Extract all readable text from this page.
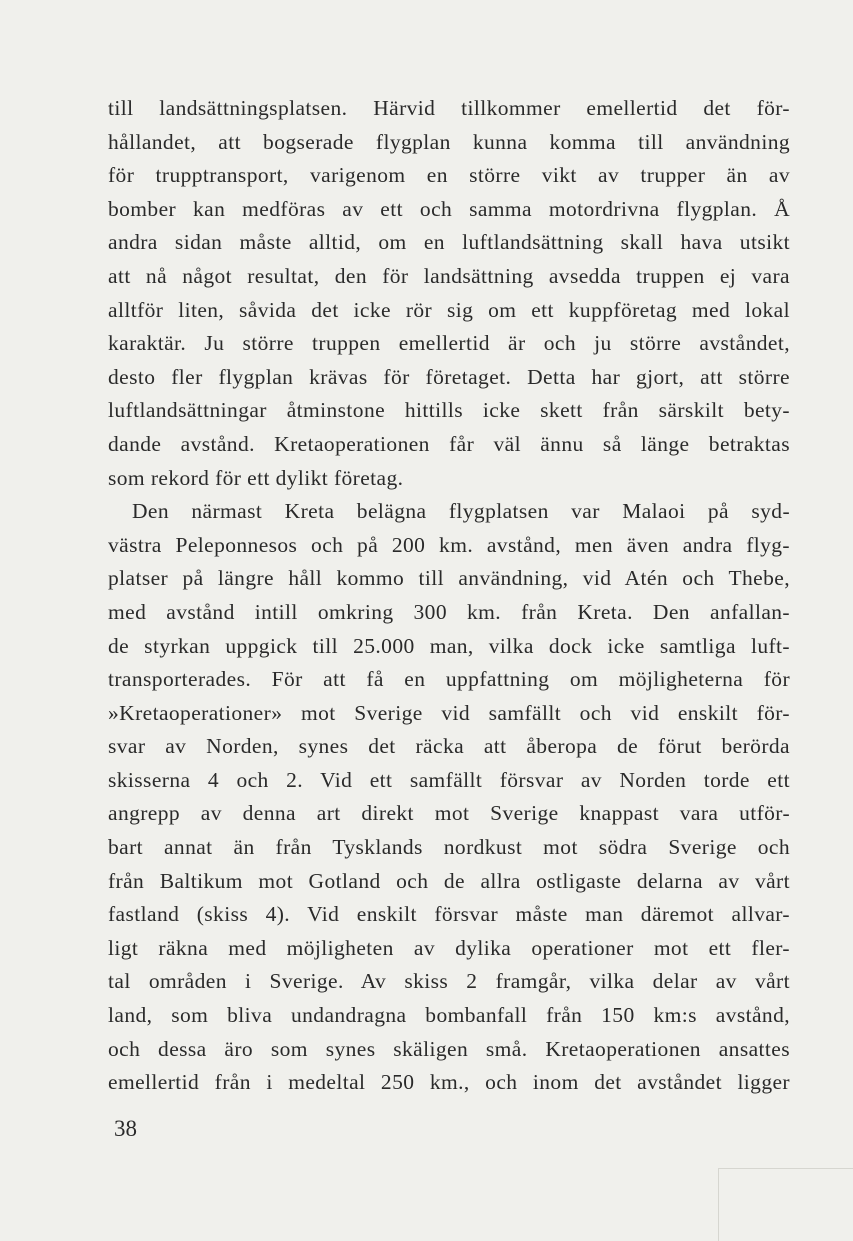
till landsättningsplatsen. Härvid tillkommer emellertid det för-
hållandet, att bogserade flygplan kunna komma till användning
för trupptransport, varigenom en större vikt av trupper än av
bomber kan medföras av ett och samma motordrivna flygplan. Å
andra sidan måste alltid, om en luftlandsättning skall hava utsikt
att nå något resultat, den för landsättning avsedda truppen ej vara
alltför liten, såvida det icke rör sig om ett kuppföretag med lokal
karaktär. Ju större truppen emellertid är och ju större avståndet,
desto fler flygplan krävas för företaget. Detta har gjort, att större
luftlandsättningar åtminstone hittills icke skett från särskilt bety-
dande avstånd. Kretaoperationen får väl ännu så länge betraktas
som rekord för ett dylikt företag.
Den närmast Kreta belägna flygplatsen var Malaoi på syd-
västra Peleponnesos och på 200 km. avstånd, men även andra flyg-
platser på längre håll kommo till användning, vid Atén och Thebe,
med avstånd intill omkring 300 km. från Kreta. Den anfallan-
de styrkan uppgick till 25.000 man, vilka dock icke samtliga luft-
transporterades. För att få en uppfattning om möjligheterna för
»Kretaoperationer» mot Sverige vid samfällt och vid enskilt för-
svar av Norden, synes det räcka att åberopa de förut berörda
skisserna 4 och 2. Vid ett samfällt försvar av Norden torde ett
angrepp av denna art direkt mot Sverige knappast vara utför-
bart annat än från Tysklands nordkust mot södra Sverige och
från Baltikum mot Gotland och de allra ostligaste delarna av vårt
fastland (skiss 4). Vid enskilt försvar måste man däremot allvar-
ligt räkna med möjligheten av dylika operationer mot ett fler-
tal områden i Sverige. Av skiss 2 framgår, vilka delar av vårt
land, som bliva undandragna bombanfall från 150 km:s avstånd,
och dessa äro som synes skäligen små. Kretaoperationen ansattes
emellertid från i medeltal 250 km., och inom det avståndet ligger
38
